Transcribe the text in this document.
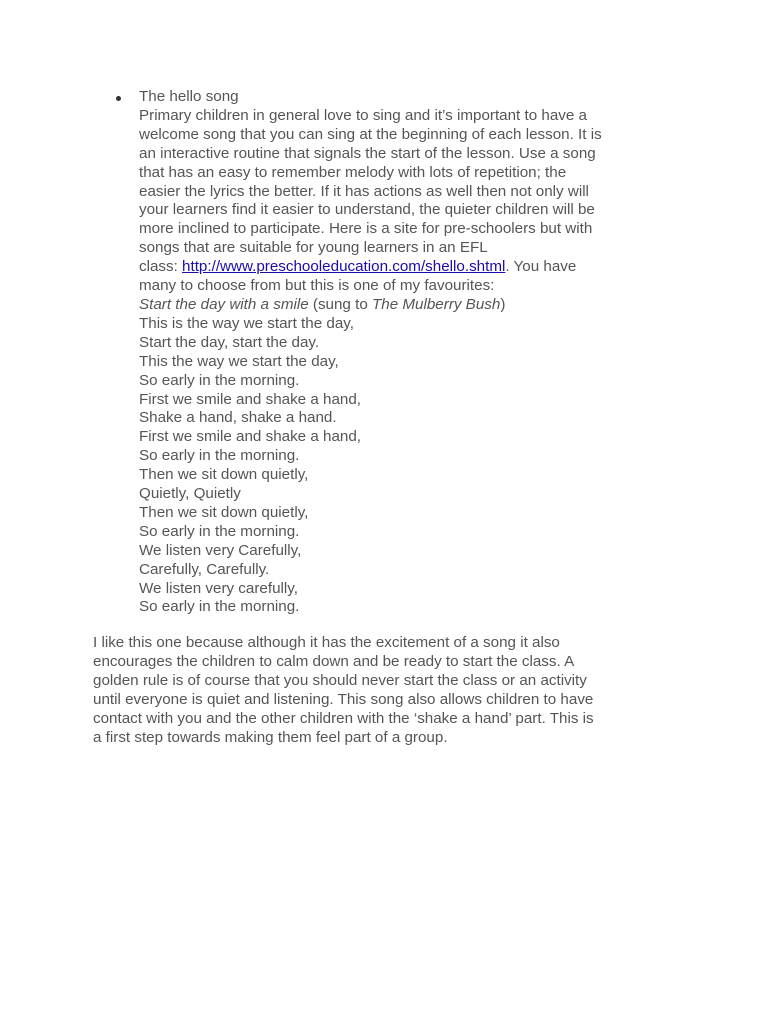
The hello song
Primary children in general love to sing and it’s important to have a
welcome song that you can sing at the beginning of each lesson. It is
an interactive routine that signals the start of the lesson. Use a song
that has an easy to remember melody with lots of repetition; the
easier the lyrics the better. If it has actions as well then not only will
your learners find it easier to understand, the quieter children will be
more inclined to participate. Here is a site for pre-schoolers but with
songs that are suitable for young learners in an EFL
class: http://www.preschooleducation.com/shello.shtml. You have
many to choose from but this is one of my favourites:
Start the day with a smile (sung to The Mulberry Bush)
This is the way we start the day,
Start the day, start the day.
This the way we start the day,
So early in the morning.
First we smile and shake a hand,
Shake a hand, shake a hand.
First we smile and shake a hand,
So early in the morning.
Then we sit down quietly,
Quietly, Quietly
Then we sit down quietly,
So early in the morning.
We listen very Carefully,
Carefully, Carefully.
We listen very carefully,
So early in the morning.
I like this one because although it has the excitement of a song it also
encourages the children to calm down and be ready to start the class. A
golden rule is of course that you should never start the class or an activity
until everyone is quiet and listening. This song also allows children to have
contact with you and the other children with the ‘shake a hand’ part. This is
a first step towards making them feel part of a group.
